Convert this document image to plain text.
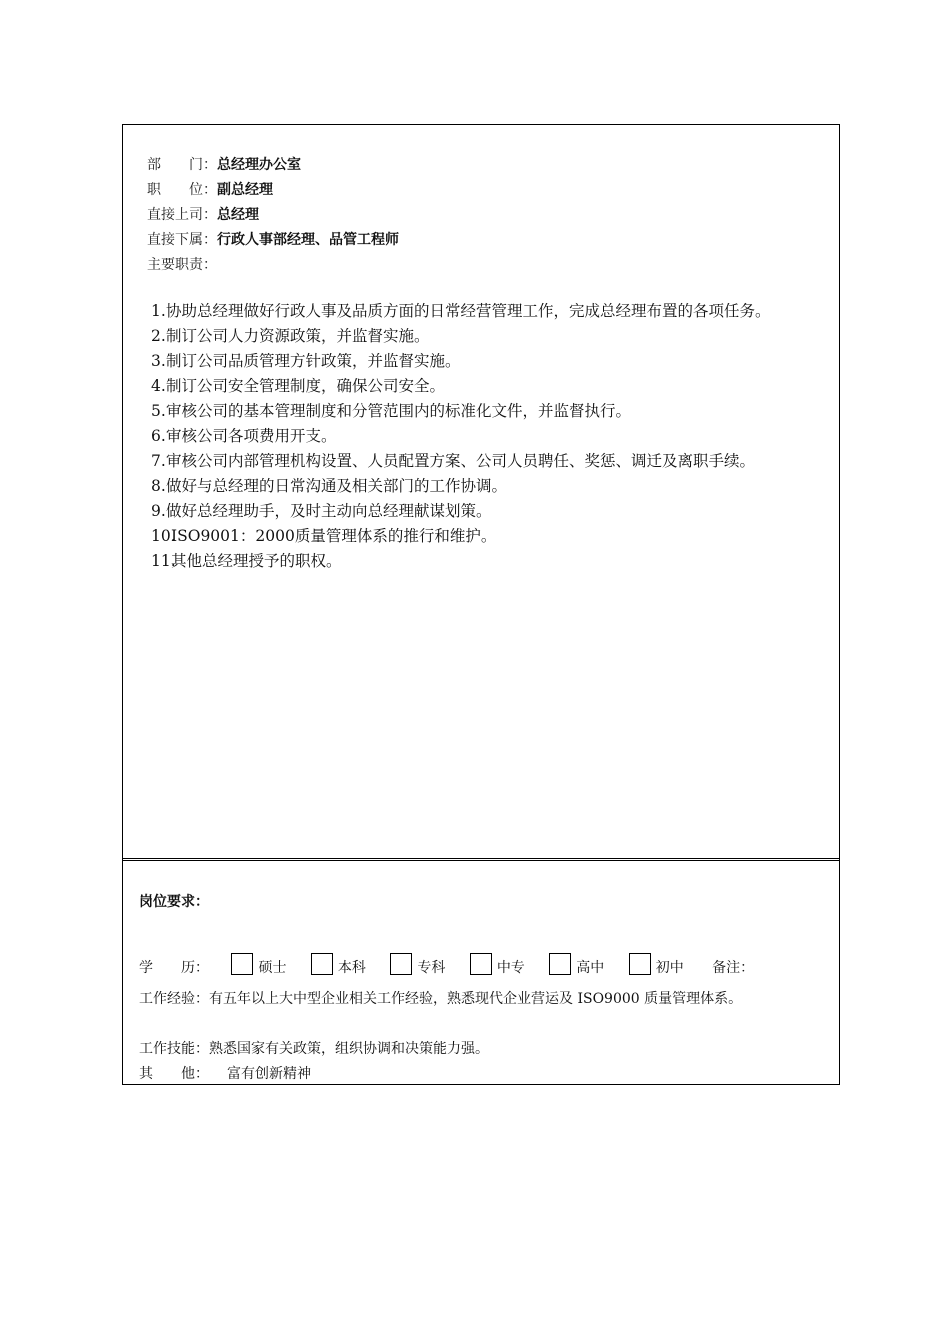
部　　门：总经理办公室
职　　位：副总经理
直接上司：总经理
直接下属：行政人事部经理、品管工程师
主要职责：
1. 协助总经理做好行政人事及品质方面的日常经营管理工作，完成总经理布置的各项任务。
2. 制订公司人力资源政策，并监督实施。
3. 制订公司品质管理方针政策，并监督实施。
4. 制订公司安全管理制度，确保公司安全。
5. 审核公司的基本管理制度和分管范围内的标准化文件，并监督执行。
6. 审核公司各项费用开支。
7. 审核公司内部管理机构设置、人员配置方案、公司人员聘任、奖惩、调迁及离职手续。
8. 做好与总经理的日常沟通及相关部门的工作协调。
9. 做好总经理助手，及时主动向总经理献谋划策。
10.
ISO9001：2000质量管理体系的推行和维护。
11.
其他总经理授予的职权。
岗位要求：
学　　历：	硕士	本科	专科	中专	高中	初中 备注：
工作经验：有五年以上大中型企业相关工作经验，熟悉现代企业营运及 ISO9000 质量管理体系。
工作技能：熟悉国家有关政策，组织协调和决策能力强。
其　　他： 富有创新精神
